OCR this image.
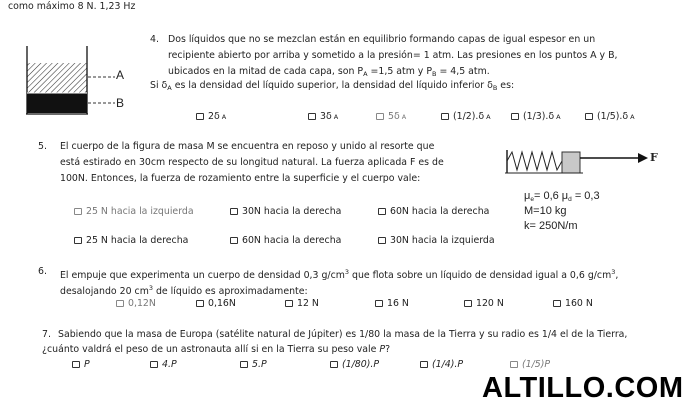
como máximo 8 N. 1,23 Hz
A
B
4. Dos líquidos que no se mezclan están en equilibrio formando capas de igual espesor en un
recipiente abierto por arriba y sometido a la presión= 1 atm. Las presiones en los puntos A y B,
ubicados en la mitad de cada capa, son $P_A =1,5$ atm y $P_B = 4,5$ atm.
Si $\delta_A$ es la densidad del líquido superior, la densidad del líquido inferior $\delta_B$ es:
2δ A	3δ A	5δ A	(1/2).δ A	(1/3).δ A	(1/5).δ A
5. El cuerpo de la figura de masa M se encuentra en reposo y unido al resorte que
está estirado en 30cm respecto de su longitud natural. La fuerza aplicada F es de
100N. Entonces, la fuerza de rozamiento entre la superficie y el cuerpo vale:
F
$\mu_e= 0,6$ $\mu_d = 0,3$
M=10 kg
k= 250N/m
25 N hacia la izquierda	30N hacia la derecha	60N hacia la derecha
25 N hacia la derecha	60N hacia la derecha	30N hacia la izquierda
6. El empuje que experimenta un cuerpo de densidad 0,3 $g/cm^3$ que flota sobre un líquido de densidad igual a 0,6 $g/cm^3$,
desalojando 20 $cm^3$ de líquido es aproximadamente:
0,12N	0,16N	12 N	16 N	120 N	160 N
7. Sabiendo que la masa de Europa (satélite natural de Júpiter) es 1/80 la masa de la Tierra y su radio es 1/4 el de la Tierra,
¿cuánto valdrá el peso de un astronauta allí si en la Tierra su peso vale P?
P	4.P	5.P	(1/80).P	(1/4).P	(1/5)P
ALTILLO.COM
